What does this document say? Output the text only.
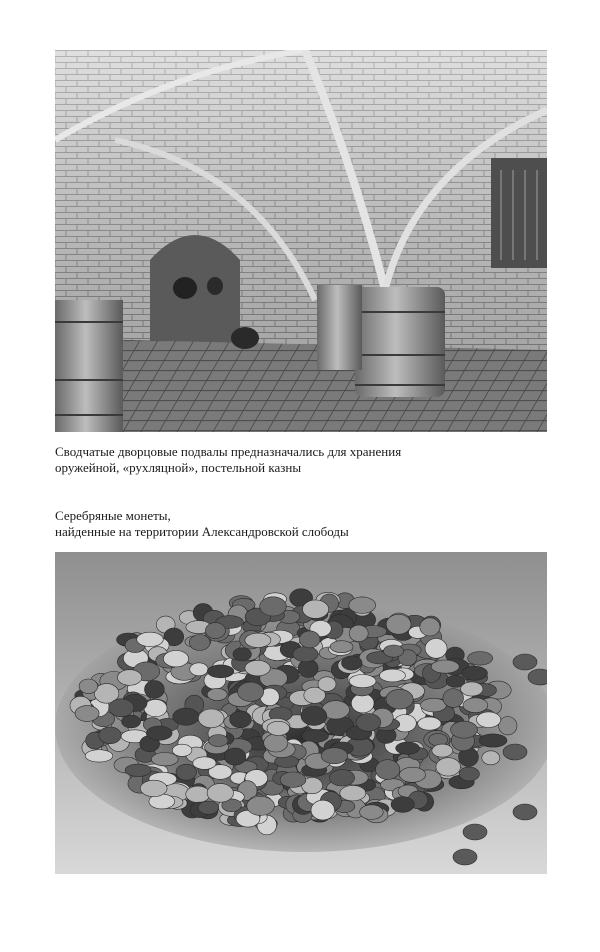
Сводчатые дворцовые подвалы предназначались для хранения
оружейной, «рухляцной», постельной казны
Серебряные монеты,
найденные на территории Александровской слободы
